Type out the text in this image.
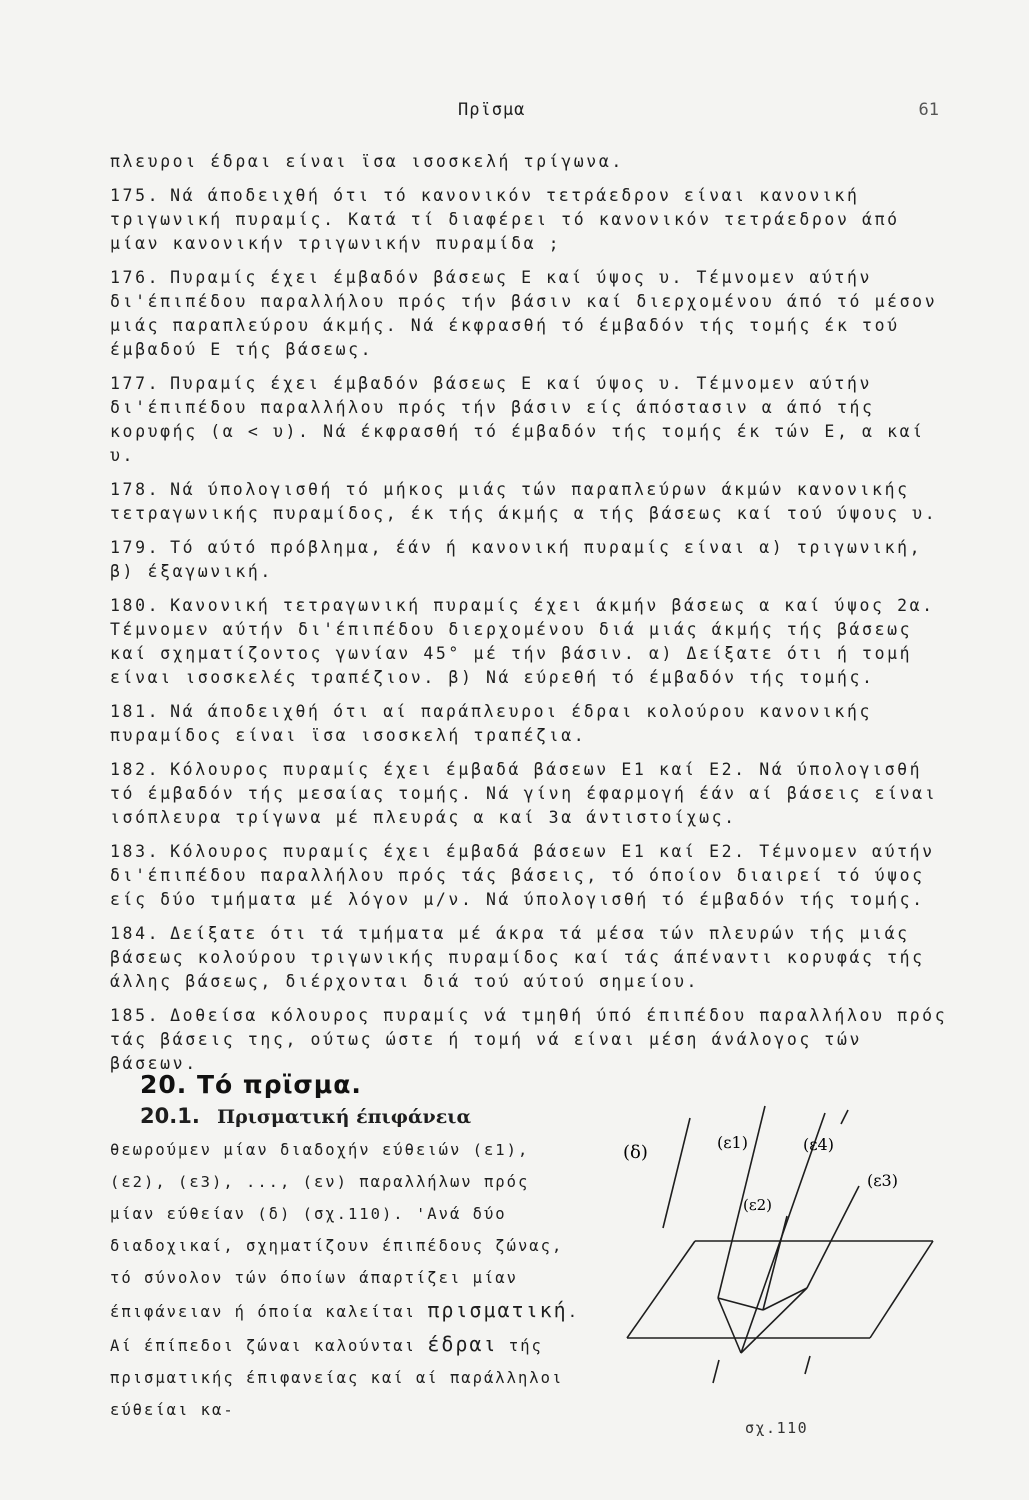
Πρϊσμα	61

πλευροι έδραι είναι ϊσα ισοσκελή τρίγωνα.

175. Νά άποδειχθή ότι τό κανονικόν τετράεδρον είναι κανονική τριγωνική πυραμίς. Κατά τί διαφέρει τό κανονικόν τετράεδρον άπό μίαν κανονικήν τριγωνικήν πυραμίδα ;

176. Πυραμίς έχει έμβαδόν βάσεως Ε καί ύψος υ. Τέμνομεν αύτήν δι'έπιπέδου παραλλήλου πρός τήν βάσιν καί διερχομένου άπό τό μέσον μιάς παραπλεύρου άκμής. Νά έκφρασθή τό έμβαδόν τής τομής έκ τού έμβαδού Ε τής βάσεως.

177. Πυραμίς έχει έμβαδόν βάσεως Ε καί ύψος υ. Τέμνομεν αύτήν δι'έπιπέδου παραλλήλου πρός τήν βάσιν είς άπόστασιν α άπό τής κορυφής (α < υ). Νά έκφρασθή τό έμβαδόν τής τομής έκ τών Ε, α καί υ.

178. Νά ύπολογισθή τό μήκος μιάς τών παραπλεύρων άκμών κανονικής τετραγωνικής πυραμίδος, έκ τής άκμής α τής βάσεως καί τού ύψους υ.

179. Τό αύτό πρόβλημα, έάν ή κανονική πυραμίς είναι α) τριγωνική, β) έξαγωνική.

180. Κανονική τετραγωνική πυραμίς έχει άκμήν βάσεως α καί ύψος 2α. Τέμνομεν αύτήν δι'έπιπέδου διερχομένου διά μιάς άκμής τής βάσεως καί σχηματίζοντος γωνίαν 45° μέ τήν βάσιν. α) Δείξατε ότι ή τομή είναι ισοσκελές τραπέζιον. β) Νά εύρεθή τό έμβαδόν τής τομής.

181. Νά άποδειχθή ότι αί παράπλευροι έδραι κολούρου κανονικής πυραμίδος είναι ϊσα ισοσκελή τραπέζια.

182. Κόλουρος πυραμίς έχει έμβαδά βάσεων Ε1 καί Ε2. Νά ύπολογισθή τό έμβαδόν τής μεσαίας τομής. Νά γίνη έφαρμογή έάν αί βάσεις είναι ισόπλευρα τρίγωνα μέ πλευράς α καί 3α άντιστοίχως.

183. Κόλουρος πυραμίς έχει έμβαδά βάσεων Ε1 καί Ε2. Τέμνομεν αύτήν δι'έπιπέδου παραλλήλου πρός τάς βάσεις, τό όποίον διαιρεί τό ύψος είς δύο τμήματα μέ λόγον μ/ν. Νά ύπολογισθή τό έμβαδόν τής τομής.

184. Δείξατε ότι τά τμήματα μέ άκρα τά μέσα τών πλευρών τής μιάς βάσεως κολούρου τριγωνικής πυραμίδος καί τάς άπέναντι κορυφάς τής άλλης βάσεως, διέρχονται διά τού αύτού σημείου.

185. Δοθείσα κόλουρος πυραμίς νά τμηθή ύπό έπιπέδου παραλλήλου πρός τάς βάσεις της, ούτως ώστε ή τομή νά είναι μέση άνάλογος τών βάσεων.

20. Τό πρϊσμα.
20.1. Πρισματική έπιφάνεια θεωρούμεν μίαν διαδοχήν εύθειών (ε1), (ε2), (ε3), ..., (εν) παραλλήλων πρός μίαν εύθείαν (δ) (σχ.110). 'Ανά δύο διαδοχικαί, σχηματίζουν έπιπέδους ζώνας, τό σύνολον τών όποίων άπαρτίζει μίαν έπιφάνειαν ή όποία καλείται πρισματική. Αί έπίπεδοι ζώναι καλούνται έδραι τής πρισματικής έπιφανείας καί αί παράλληλοι εύθείαι κα-
(δ)	(ε1)	(ε4)
(ε3)
(ε2)
σχ.110
